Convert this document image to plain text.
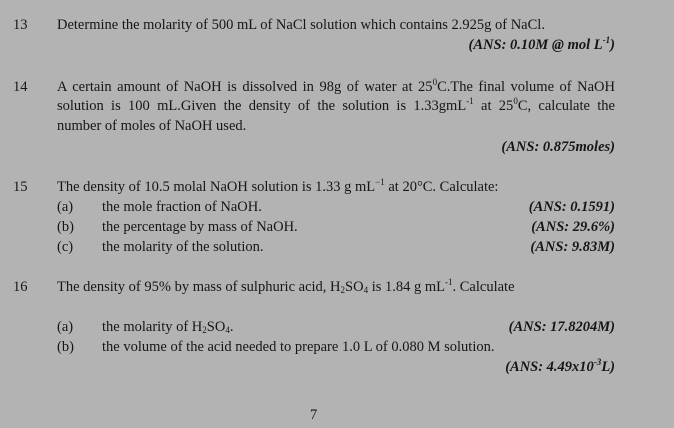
13 Determine the molarity of 500 mL of NaCl solution which contains 2.925g of NaCl.
(ANS: 0.10M @ mol $L^{-1}$)
14 A certain amount of NaOH is dissolved in 98g of water at $25^0C.The$ final volume of NaOH
solution is 100 mL.Given the density of the solution is 1.33gmL$^{-1}$ at $25^0C$, calculate the
number of moles of NaOH used.
(ANS: 0.875moles)
15 The density of 10.5 molal NaOH solution is 1.33 g $mL^{-1}$ at 20°C. Calculate:
(a) the mole fraction of NaOH.	(ANS: 0.1591)
(b) the percentage by mass of NaOH.	(ANS: 29.6%)
(c) the molarity of the solution.	(ANS: 9.83M)
16 The density of 95% by mass of sulphuric acid, $H_2SO_4$ is 1.84 g $mL^{-1}$. Calculate
(a) the molarity of $H_2SO_4$.	(ANS: 17.8204M)
(b) the volume of the acid needed to prepare 1.0 L of 0.080 M solution.
(ANS: $4.49x10^{-3}L$)
7
